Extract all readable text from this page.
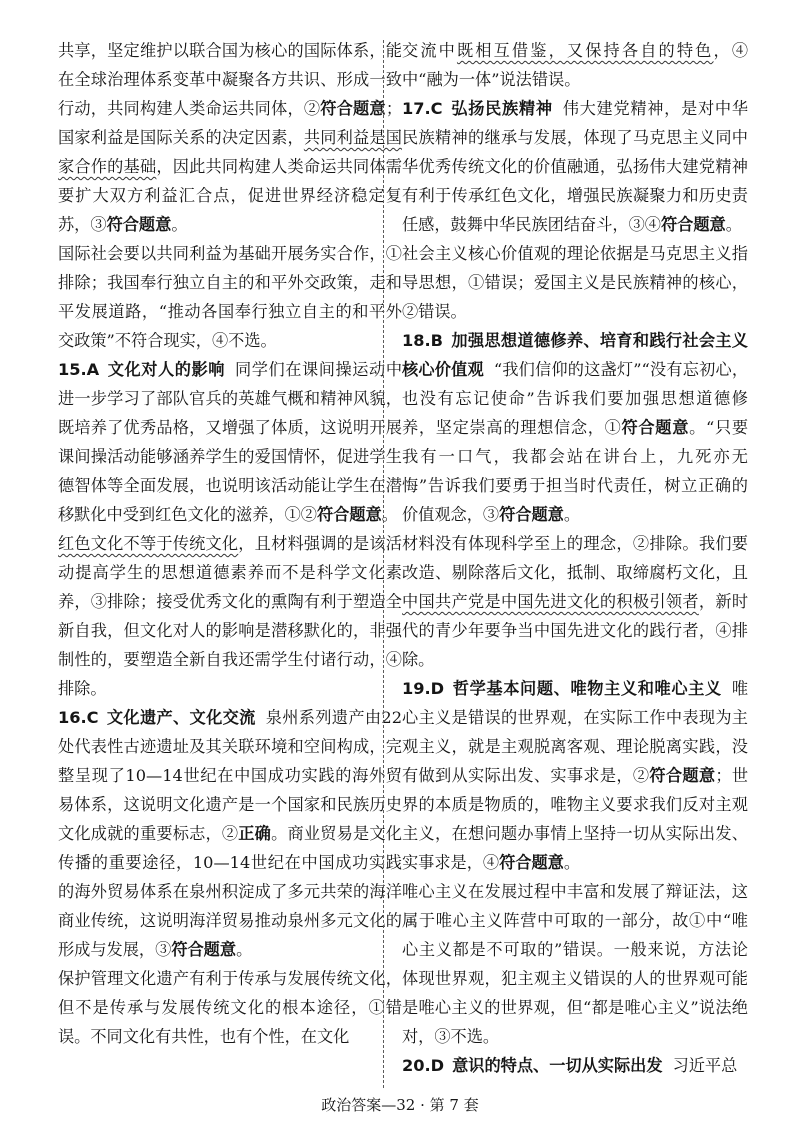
共享，坚定维护以联合国为核心的国际体系，能在全球治理体系变革中凝聚各方共识、形成一致行动，共同构建人类命运共同体，②符合题意；国家利益是国际关系的决定因素，共同利益是国家合作的基础，因此共同构建人类命运共同体需要扩大双方利益汇合点，促进世界经济稳定复苏，③符合题意。

国际社会要以共同利益为基础开展务实合作，①排除；我国奉行独立自主的和平外交政策，走和平发展道路，“推动各国奉行独立自主的和平外交政策”不符合现实，④不选。

15.A 文化对人的影响 同学们在课间操运动中进一步学习了部队官兵的英雄气概和精神风貌，既培养了优秀品格，又增强了体质，这说明开展课间操活动能够涵养学生的爱国情怀，促进学生德智体等全面发展，也说明该活动能让学生在潜移默化中受到红色文化的滋养，①②符合题意。

红色文化不等于传统文化，且材料强调的是该活动提高学生的思想道德素养而不是科学文化素养，③排除；接受优秀文化的熏陶有利于塑造全新自我，但文化对人的影响是潜移默化的，非强制性的，要塑造全新自我还需学生付诸行动，④排除。

16.C 文化遗产、文化交流 泉州系列遗产由22处代表性古迹遗址及其关联环境和空间构成，完整呈现了10—14世纪在中国成功实践的海外贸易体系，这说明文化遗产是一个国家和民族历史文化成就的重要标志，②正确。商业贸易是文化传播的重要途径，10—14世纪在中国成功实践的海外贸易体系在泉州积淀成了多元共荣的海洋商业传统，这说明海洋贸易推动泉州多元文化的形成与发展，③符合题意。

保护管理文化遗产有利于传承与发展传统文化，但不是传承与发展传统文化的根本途径，①错误。不同文化有共性，也有个性，在文化

交流中既相互借鉴，又保持各自的特色，④中“融为一体”说法错误。

17.C 弘扬民族精神 伟大建党精神，是对中华民族精神的继承与发展，体现了马克思主义同中华优秀传统文化的价值融通，弘扬伟大建党精神有利于传承红色文化，增强民族凝聚力和历史责任感，鼓舞中华民族团结奋斗，③④符合题意。

社会主义核心价值观的理论依据是马克思主义指导思想，①错误；爱国主义是民族精神的核心，②错误。

18.B 加强思想道德修养、培育和践行社会主义核心价值观 “我们信仰的这盏灯”“没有忘初心，也没有忘记使命”告诉我们要加强思想道德修养，坚定崇高的理想信念，①符合题意。“只要我有一口气，我都会站在讲台上，九死亦无悔”告诉我们要勇于担当时代责任，树立正确的价值观念，③符合题意。

材料没有体现科学至上的理念，②排除。我们要改造、剔除落后文化，抵制、取缔腐朽文化，且中国共产党是中国先进文化的积极引领者，新时代的青少年要争当中国先进文化的践行者，④排除。

19.D 哲学基本问题、唯物主义和唯心主义 唯心主义是错误的世界观，在实际工作中表现为主观主义，就是主观脱离客观、理论脱离实践，没有做到从实际出发、实事求是，②符合题意；世界的本质是物质的，唯物主义要求我们反对主观主义，在想问题办事情上坚持一切从实际出发、实事求是，④符合题意。

唯心主义在发展过程中丰富和发展了辩证法，这属于唯心主义阵营中可取的一部分，故①中“唯心主义都是不可取的”错误。一般来说，方法论体现世界观，犯主观主义错误的人的世界观可能是唯心主义的世界观，但“都是唯心主义”说法绝对，③不选。

20.D 意识的特点、一切从实际出发 习近平总

政治答案—32 · 第 7 套
